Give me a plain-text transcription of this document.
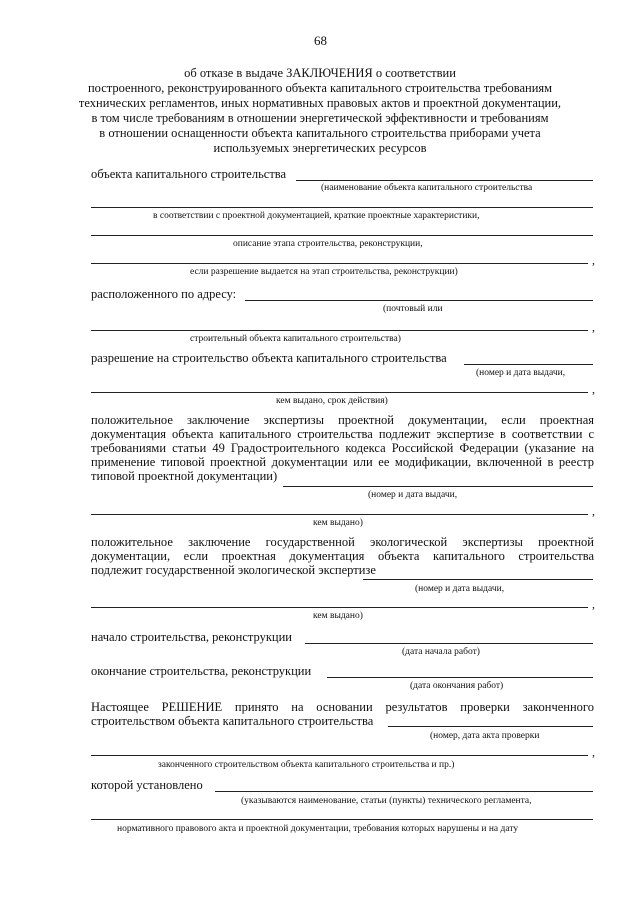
68
об отказе в выдаче ЗАКЛЮЧЕНИЯ о соответствии
построенного, реконструированного объекта капитального строительства требованиям
технических регламентов, иных нормативных правовых актов и проектной документации,
в том числе требованиям в отношении энергетической эффективности и требованиям
в отношении оснащенности объекта капитального строительства приборами учета
используемых энергетических ресурсов
объекта капитального строительства
(наименование объекта капитального строительства
в соответствии с проектной документацией, краткие проектные характеристики,
описание этапа строительства, реконструкции,
,
если разрешение выдается на этап строительства, реконструкции)
расположенного по адресу:
(почтовый или
,
строительный объекта капитального строительства)
разрешение на строительство объекта капитального строительства
(номер и дата выдачи,
,
кем выдано, срок действия)
положительное заключение экспертизы проектной документации, если проектная
документация объекта капитального строительства подлежит экспертизе в соответствии с
требованиями статьи 49 Градостроительного кодекса Российской Федерации (указание на
применение типовой проектной документации или ее модификации, включенной в реестр
типовой проектной документации)
(номер и дата выдачи,
,
кем выдано)
положительное заключение государственной экологической экспертизы проектной
документации, если проектная документация объекта капитального строительства
подлежит государственной экологической экспертизе
(номер и дата выдачи,
,
кем выдано)
начало строительства, реконструкции
(дата начала работ)
окончание строительства, реконструкции
(дата окончания работ)
Настоящее РЕШЕНИЕ принято на основании результатов проверки законченного
строительством объекта капитального строительства
(номер, дата акта проверки
,
законченного строительством объекта капитального строительства и пр.)
которой установлено
(указываются наименование, статьи (пункты) технического регламента,
нормативного правового акта и проектной документации, требования которых нарушены и на дату
